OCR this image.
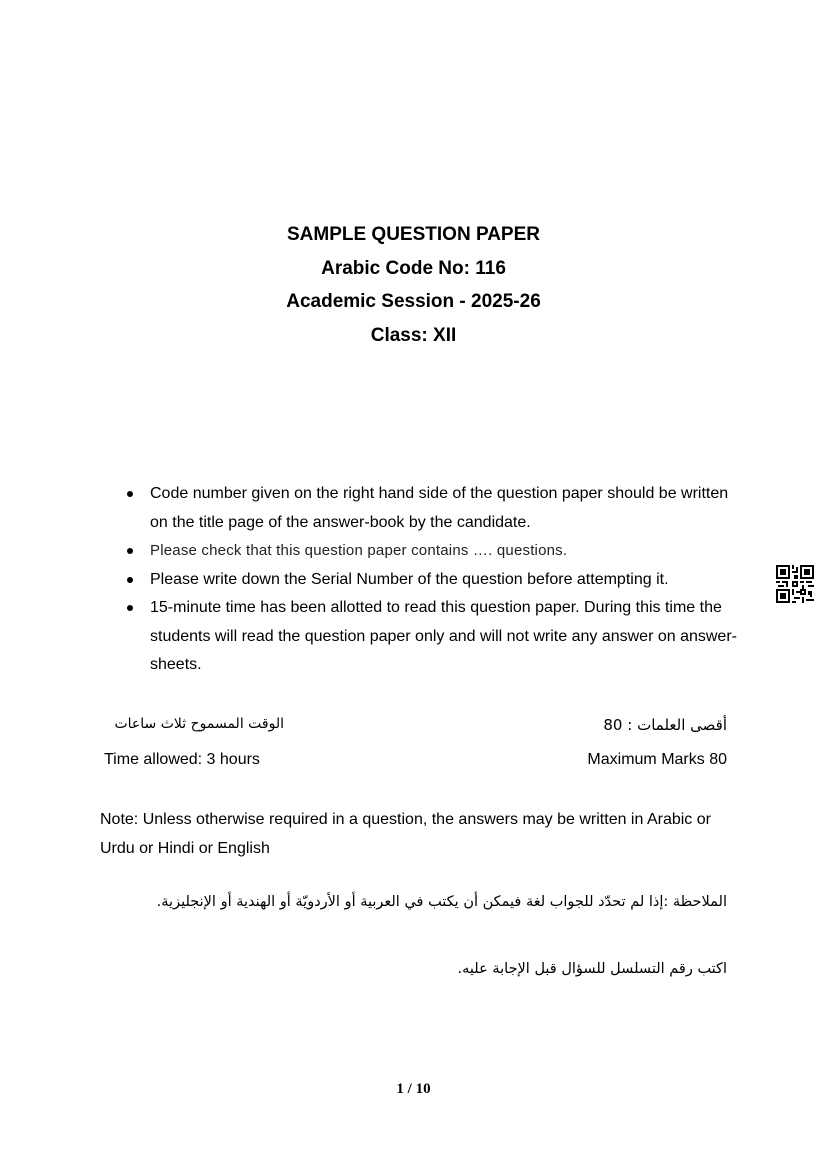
SAMPLE QUESTION PAPER
Arabic Code No: 116
Academic Session - 2025-26
Class: XII
Code number given on the right hand side of the question paper should be written on the title page of the answer-book by the candidate.
Please check that this question paper contains …. questions.
Please write down the Serial Number of the question before attempting it.
15-minute time has been allotted to read this question paper. During this time the students will read the question paper only and will not write any answer on answer-sheets.
الوقت المسموح ثلاث ساعات	أقصى العلمات : 80
Time allowed: 3 hours	Maximum Marks 80
Note: Unless otherwise required in a question, the answers may be written in Arabic or Urdu or Hindi or English
الملاحظة :إذا لم تحدّد للجواب لغة فيمكن أن يكتب في العربية أو الأردويّة أو الهندية أو الإنجليزية.
اكتب رقم التسلسل للسؤال قبل الإجابة عليه.
1 / 10
